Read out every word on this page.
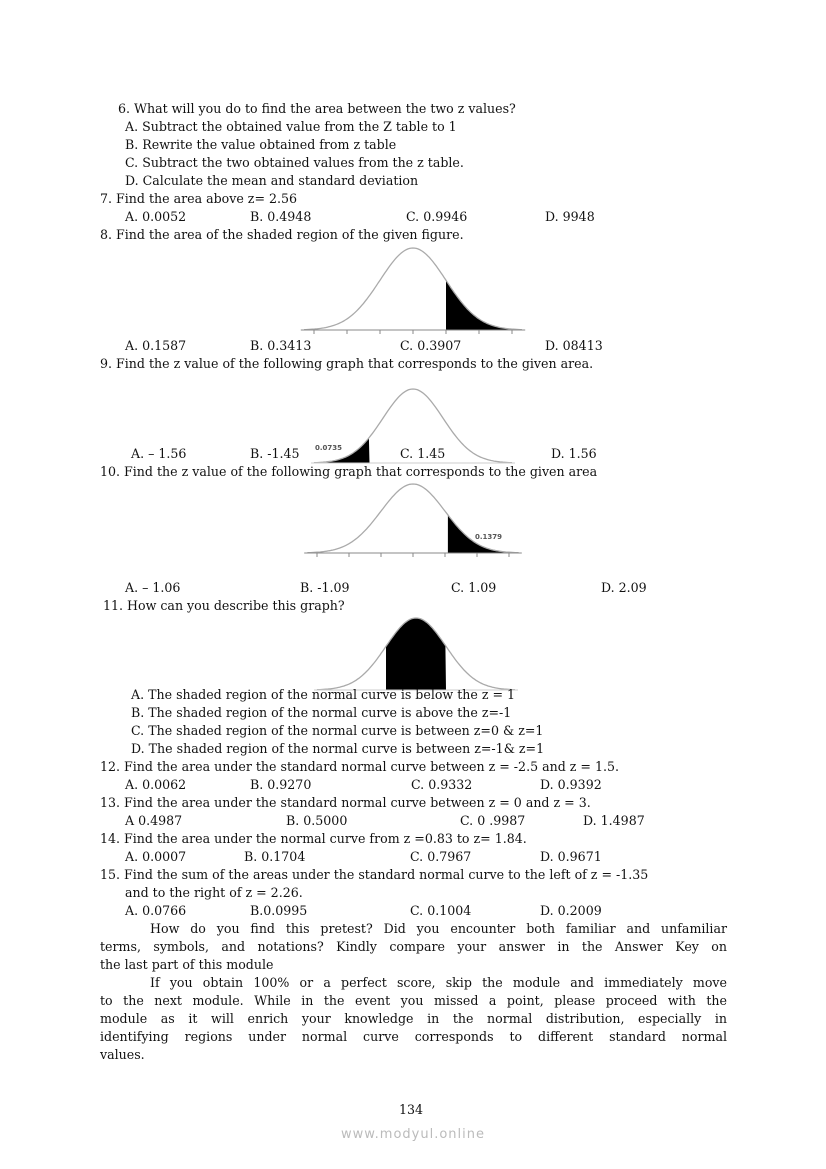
6. What will you do to find the area between the two z values?
A. Subtract the obtained value from the Z table to 1
B. Rewrite the value obtained from z table
C. Subtract the two obtained values from the z table.
D. Calculate the mean and standard deviation
7. Find the area above z= 2.56
A. 0.0052	B. 0.4948	C. 0.9946	D. 9948
8. Find the area of the shaded region of the given figure.
A. 0.1587	B. 0.3413	C. 0.3907	D. 08413
9. Find the z value of the following graph that corresponds to the given area.
0.0735
A. – 1.56	B. -1.45	C. 1.45	D. 1.56
10. Find the z value of the following graph that corresponds to the given area
0.1379
A. – 1.06	B. -1.09	C. 1.09	D. 2.09
11. How can you describe this graph?
A. The shaded region of the normal curve is below the z = 1
B. The shaded region of the normal curve is above the z=-1
C. The shaded region of the normal curve is between z=0 & z=1
D. The shaded region of the normal curve is between z=-1& z=1
12. Find the area under the standard normal curve between z = -2.5 and z = 1.5.
A. 0.0062	B. 0.9270	C. 0.9332	D. 0.9392
13. Find the area under the standard normal curve between z = 0 and z = 3.
A 0.4987	B. 0.5000	C. 0 .9987	D. 1.4987
14. Find the area under the normal curve from z =0.83 to z= 1.84.
A. 0.0007	B. 0.1704	C. 0.7967	D. 0.9671
15. Find the sum of the areas under the standard normal curve to the left of z = -1.35
and to the right of z = 2.26.
A. 0.0766	B.0.0995	C. 0.1004	D. 0.2009
How do you find this pretest? Did you encounter both familiar and unfamiliar
terms, symbols, and notations? Kindly compare your answer in the Answer Key on
the last part of this module
If you obtain 100% or a perfect score, skip the module and immediately move
to the next module. While in the event you missed a point, please proceed with the
module as it will enrich your knowledge in the normal distribution, especially in
identifying regions under normal curve corresponds to different standard normal
values.
134
www.modyul.online
